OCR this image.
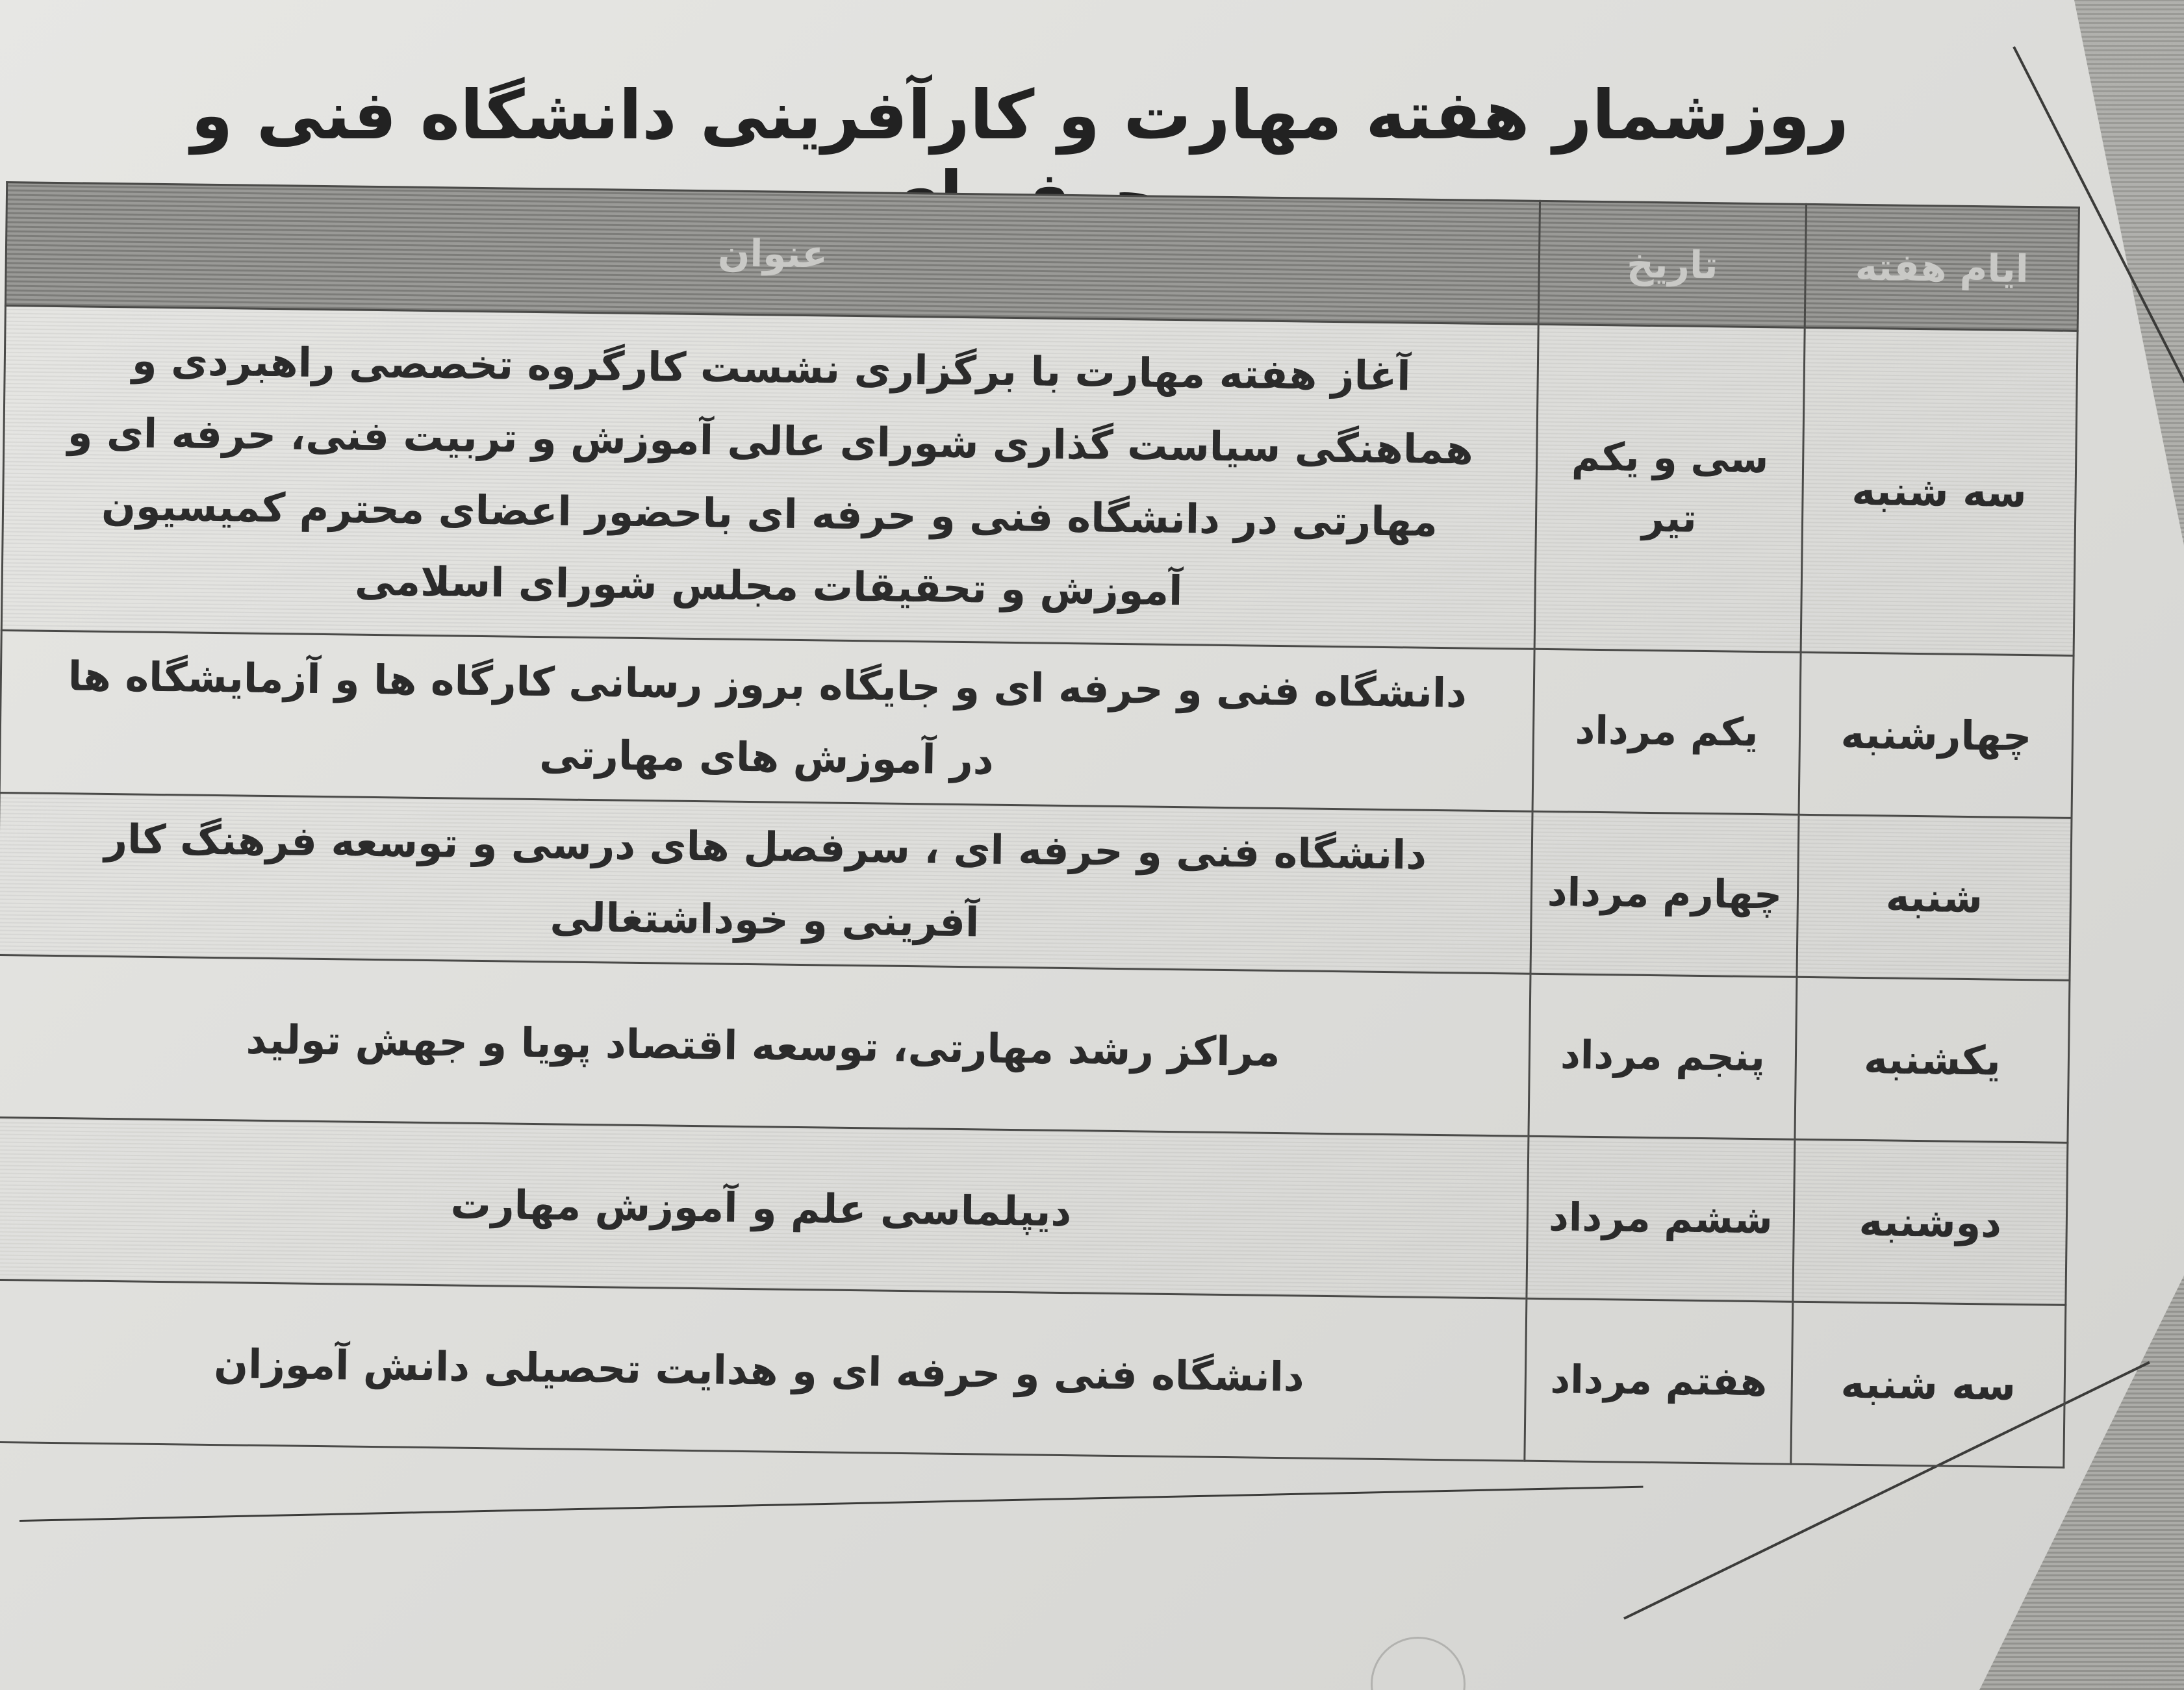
روزشمار هفته مهارت و کارآفرینی دانشگاه فنی و
ایام هفته	تاریخ	عنوان
سه شنبه	سی و یکم تیر	آغاز هفته مهارت با برگزاری نشست کارگروه تخصصی راهبردی و هماهنگی سیاست گذاری شورای عالی آموزش و تربیت فنی، حرفه ای و مهارتی در دانشگاه فنی و حرفه ای باحضور اعضای محترم کمیسیون آموزش و تحقیقات مجلس شورای اسلامی
چهارشنبه	یکم مرداد	دانشگاه فنی و حرفه ای و جایگاه بروز رسانی کارگاه ها و آزمایشگاه ها در آموزش های مهارتی
شنبه	چهارم مرداد	دانشگاه فنی و حرفه ای ، سرفصل های درسی و توسعه فرهنگ کار آفرینی و خوداشتغالی
یکشنبه	پنجم مرداد	مراکز رشد مهارتی، توسعه اقتصاد پویا و جهش تولید
دوشنبه	ششم مرداد	دیپلماسی علم و آموزش مهارت
سه شنبه	هفتم مرداد	دانشگاه فنی و حرفه ای و هدایت تحصیلی دانش آموزان
